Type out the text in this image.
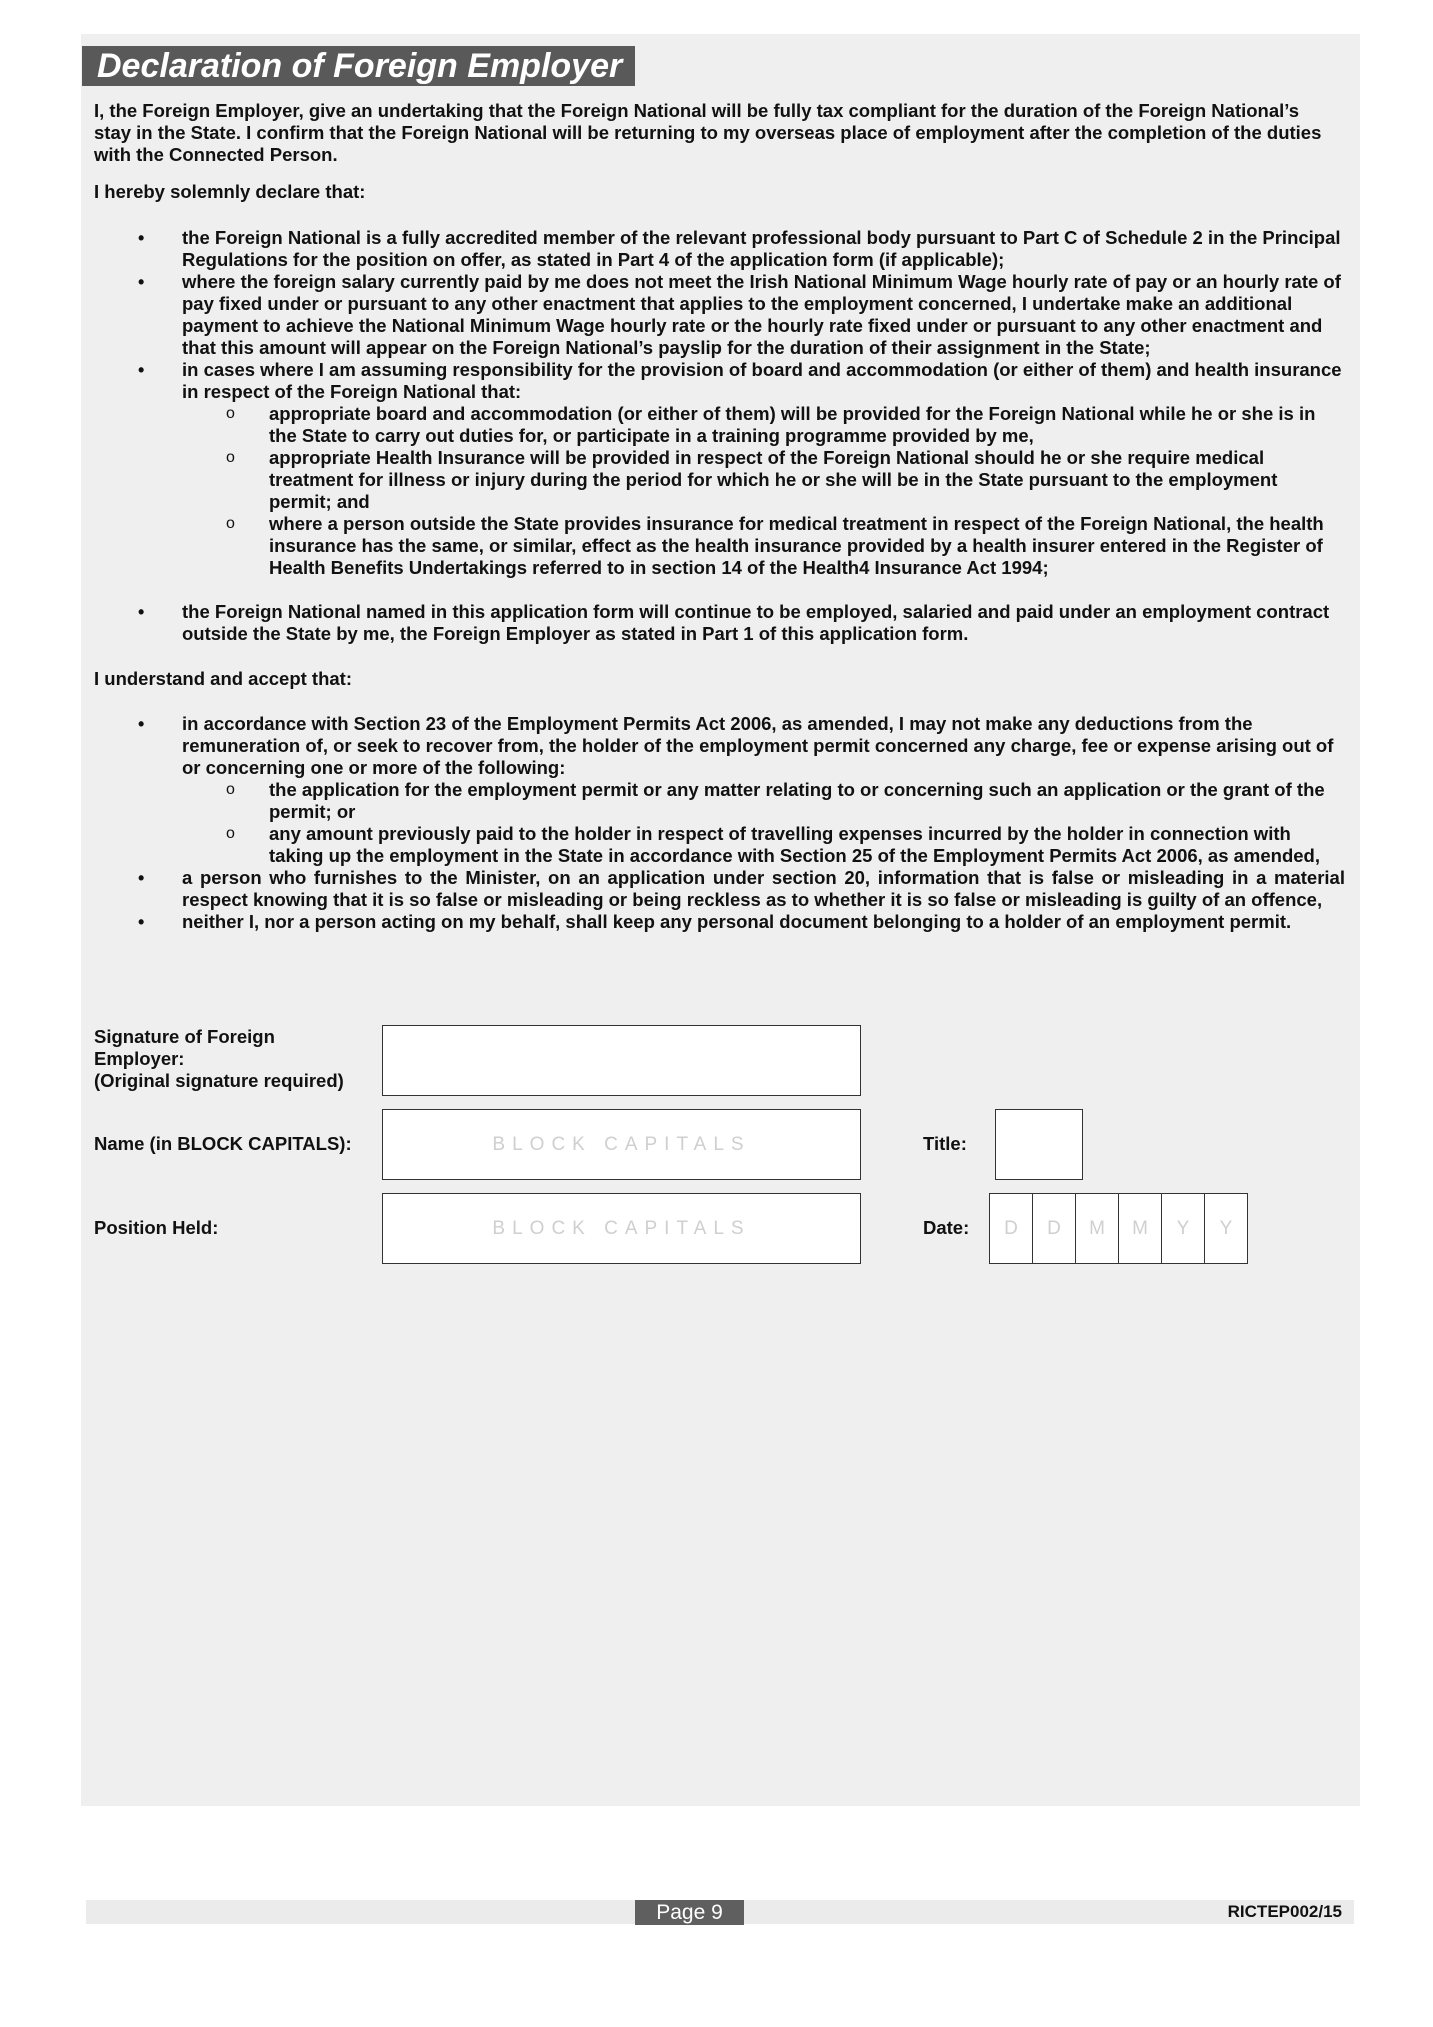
Declaration of Foreign Employer
I, the Foreign Employer, give an undertaking that the Foreign National will be fully tax compliant for the duration of the Foreign National’s stay in the State. I confirm that the Foreign National will be returning to my overseas place of employment after the completion of the duties with the Connected Person.
I hereby solemnly declare that:
• the Foreign National is a fully accredited member of the relevant professional body pursuant to Part C of Schedule 2 in the Principal Regulations for the position on offer, as stated in Part 4 of the application form (if applicable);
• where the foreign salary currently paid by me does not meet the Irish National Minimum Wage hourly rate of pay or an hourly rate of pay fixed under or pursuant to any other enactment that applies to the employment concerned, I undertake make an additional payment to achieve the National Minimum Wage hourly rate or the hourly rate fixed under or pursuant to any other enactment and that this amount will appear on the Foreign National’s payslip for the duration of their assignment in the State;
• in cases where I am assuming responsibility for the provision of board and accommodation (or either of them) and health insurance in respect of the Foreign National that:
o appropriate board and accommodation (or either of them) will be provided for the Foreign National while he or she is in the State to carry out duties for, or participate in a training programme provided by me,
o appropriate Health Insurance will be provided in respect of the Foreign National should he or she require medical treatment for illness or injury during the period for which he or she will be in the State pursuant to the employment permit; and
o where a person outside the State provides insurance for medical treatment in respect of the Foreign National, the health insurance has the same, or similar, effect as the health insurance provided by a health insurer entered in the Register of Health Benefits Undertakings referred to in section 14 of the Health4 Insurance Act 1994;
• the Foreign National named in this application form will continue to be employed, salaried and paid under an employment contract outside the State by me, the Foreign Employer as stated in Part 1 of this application form.
I understand and accept that:
• in accordance with Section 23 of the Employment Permits Act 2006, as amended, I may not make any deductions from the remuneration of, or seek to recover from, the holder of the employment permit concerned any charge, fee or expense arising out of or concerning one or more of the following:
o the application for the employment permit or any matter relating to or concerning such an application or the grant of the permit; or
o any amount previously paid to the holder in respect of travelling expenses incurred by the holder in connection with taking up the employment in the State in accordance with Section 25 of the Employment Permits Act 2006, as amended,
• a person who furnishes to the Minister, on an application under section 20, information that is false or misleading in a material respect knowing that it is so false or misleading or being reckless as to whether it is so false or misleading is guilty of an offence,
• neither I, nor a person acting on my behalf, shall keep any personal document belonging to a holder of an employment permit.
Signature of Foreign
Employer:
(Original signature required)
Name (in BLOCK CAPITALS):	BLOCK CAPITALS	Title:
Position Held:	BLOCK CAPITALS	Date:	D	D	M	M	Y	Y
Page 9	RICTEP002/15
